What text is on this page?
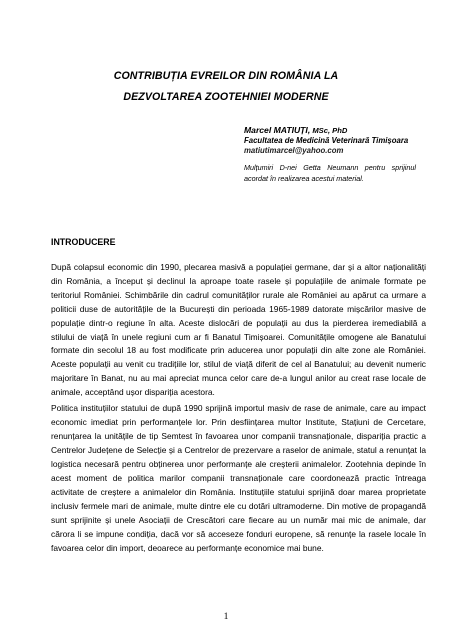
CONTRIBUȚIA EVREILOR DIN ROMÂNIA LA
DEZVOLTAREA ZOOTEHNIEI MODERNE
Marcel MATIUȚI, MSc, PhD
Facultatea de Medicină Veterinară Timișoara
matiutimarcel@yahoo.com
Mulțumiri D-nei Getta Neumann pentru sprijinul acordat în realizarea acestui material.
INTRODUCERE

După colapsul economic din 1990, plecarea masivă a populației germane, dar și a altor naționalități din România, a început și declinul la aproape toate rasele și populațiile de animale formate pe teritoriul României. Schimbările din cadrul comunităților rurale ale României au apărut ca urmare a politicii duse de autoritățile de la București din perioada 1965-1989 datorate mișcărilor masive de populație dintr-o regiune în alta. Aceste dislocări de populații au dus la pierderea iremediabilă a stilului de viață în unele regiuni cum ar fi Banatul Timișoarei. Comunitățile omogene ale Banatului formate din secolul 18 au fost modificate prin aducerea unor populații din alte zone ale României. Aceste populații au venit cu tradițiile lor, stilul de viață diferit de cel al Banatului; au devenit numeric majoritare în Banat, nu au mai apreciat munca celor care de-a lungul anilor au creat rase locale de animale, acceptând ușor dispariția acestora.

Politica instituțiilor statului de după 1990 sprijină importul masiv de rase de animale, care au impact economic imediat prin performanțele lor. Prin desființarea multor Institute, Stațiuni de Cercetare, renunțarea la unitățile de tip Semtest în favoarea unor companii transnaționale, dispariția practic a Centrelor Județene de Selecție și a Centrelor de prezervare a raselor de animale, statul a renunțat la logistica necesară pentru obținerea unor performanțe ale creșterii animalelor. Zootehnia depinde în acest moment de politica marilor companii transnaționale care coordonează practic întreaga activitate de creștere a animalelor din România. Instituțiile statului sprijină doar marea proprietate inclusiv fermele mari de animale, multe dintre ele cu dotări ultramoderne. Din motive de propagandă sunt sprijinite și unele Asociații de Crescători care fiecare au un număr mai mic de animale, dar cărora li se impune condiția, dacă vor să acceseze fonduri europene, să renunțe la rasele locale în favoarea celor din import, deoarece au performanțe economice mai bune.

1
